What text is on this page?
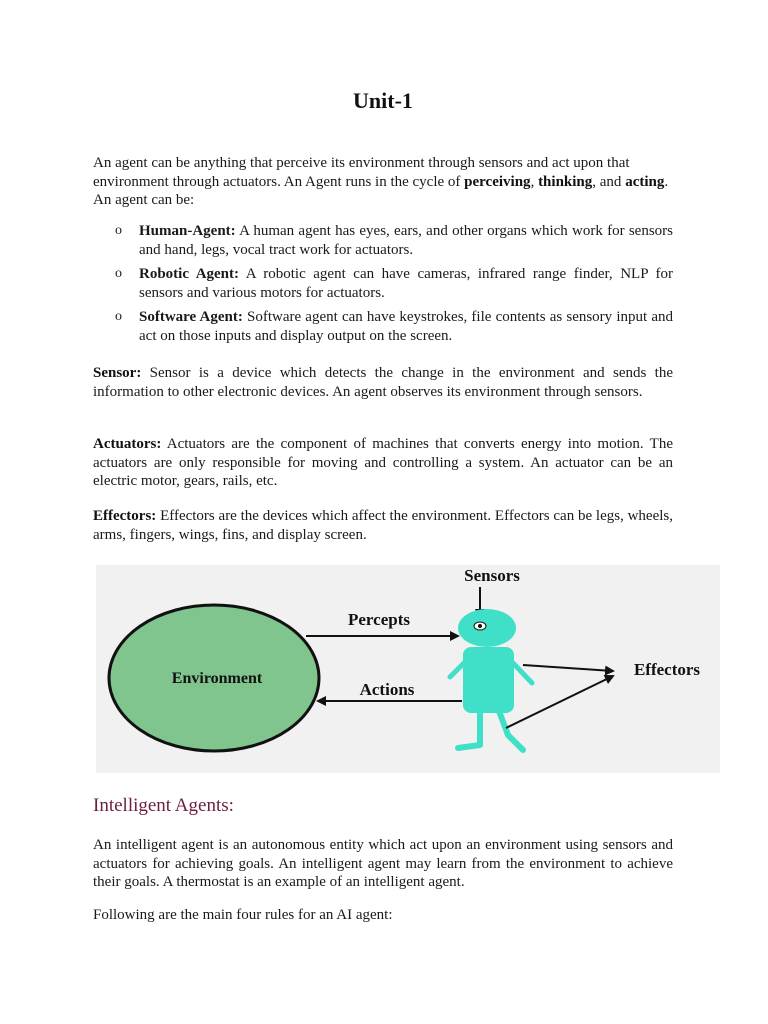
Unit-1
An agent can be anything that perceive its environment through sensors and act upon that environment through actuators. An Agent runs in the cycle of perceiving, thinking, and acting. An agent can be:
o Human-Agent: A human agent has eyes, ears, and other organs which work for sensors and hand, legs, vocal tract work for actuators.
o Robotic Agent: A robotic agent can have cameras, infrared range finder, NLP for sensors and various motors for actuators.
o Software Agent: Software agent can have keystrokes, file contents as sensory input and act on those inputs and display output on the screen.
Sensor: Sensor is a device which detects the change in the environment and sends the information to other electronic devices. An agent observes its environment through sensors.
Actuators: Actuators are the component of machines that converts energy into motion. The actuators are only responsible for moving and controlling a system. An actuator can be an electric motor, gears, rails, etc.
Effectors: Effectors are the devices which affect the environment. Effectors can be legs, wheels, arms, fingers, wings, fins, and display screen.
Intelligent Agents:
An intelligent agent is an autonomous entity which act upon an environment using sensors and actuators for achieving goals. An intelligent agent may learn from the environment to achieve their goals. A thermostat is an example of an intelligent agent.
Following are the main four rules for an AI agent:
Environment
Percepts
Actions
Sensors
Effectors
